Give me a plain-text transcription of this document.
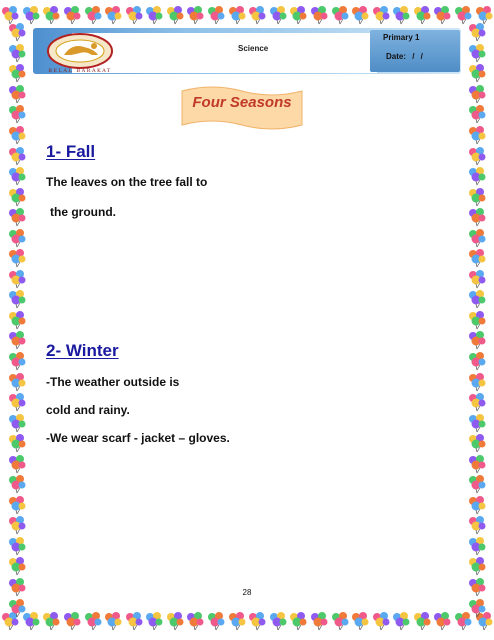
BELAL BARAKAT
Science
Primary 1
Date: / /
Four Seasons
1- Fall
The leaves on the tree fall to
the ground.
2- Winter
-The weather outside is
cold and rainy.
-We wear scarf - jacket – gloves.
28
